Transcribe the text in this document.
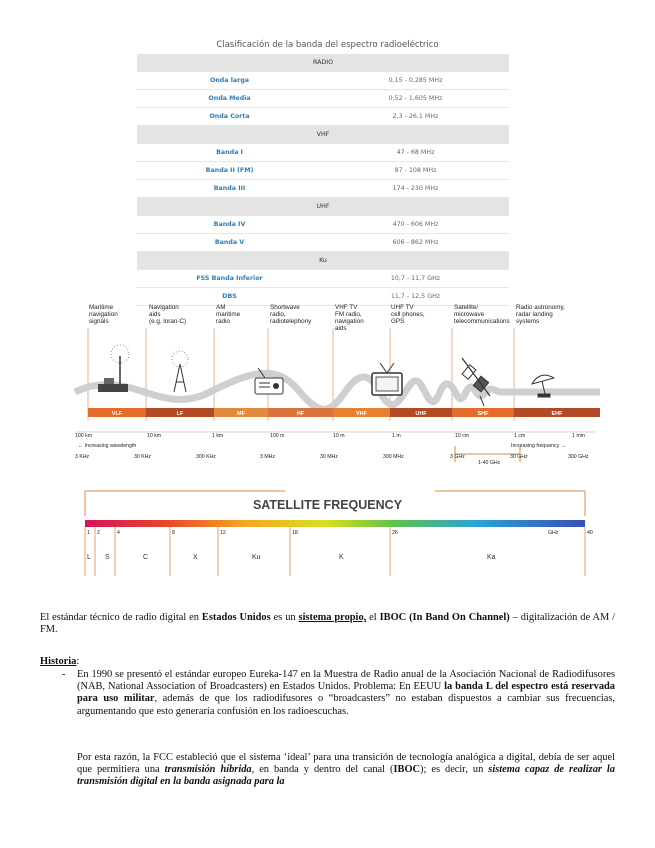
Clasificación de la banda del espectro radioeléctrico
RADIO
Onda larga	0,15 - 0,285 MHz
Onda Media	0,52 - 1,605 MHz
Onda Corta	2,3 - 26,1 MHz
VHF
Banda I	47 - 68 MHz
Banda II (FM)	87 - 108 MHz
Banda III	174 - 230 MHz
UHF
Banda IV	470 - 606 MHz
Banda V	606 - 862 MHz
Ku
FSS Banda Inferior	10,7 - 11,7 GHz
DBS	11,7 - 12,5 GHz
VLF	LF	MF	HF	VHF	UHF	SHF	EHF
Maritime
navigation
signals
Navigation
aids
(e.g. loran-C)
AM
maritime
radio
Shortwave
radio,
radiotelephony
VHF TV
FM radio,
navigation
aids
UHF TV
cell phones,
GPS
Satellite/
microwave
telecommunications
Radio astronomy,
radar landing
systems
100 km	10 km	1 km	100 m	10 m	1 m	10 cm	1 cm	1 mm
← Increasing wavelength	Increasing frequency →
3 KHz	30 KHz	300 KHz	3 MHz	30 MHz	300 MHz	3 GHz	30 GHz	300 GHz
1-40 GHz
SATELLITE FREQUENCY
1 2	4	8	12	18	26	40
GHz
L S	C	X	Ku	K	Ka
El estándar técnico de radio digital en Estados Unidos es un sistema propio, el IBOC (In Band On Channel) – digitalización de AM / FM.
Historia:
-	En 1990 se presentó el estándar europeo Eureka-147 en la Muestra de Radio anual de la Asociación Nacional de Radiodifusores (NAB, National Association of Broadcasters) en Estados Unidos. Problema: En EEUU la banda L del espectro está reservada para uso militar, además de que los radiodifusores o “broadcasters” no estaban dispuestos a cambiar sus frecuencias, argumentando que esto generaría confusión en los radioescuchas.
Por esta razón, la FCC estableció que el sistema ‘ideal’ para una transición de tecnología analógica a digital, debía de ser aquel que permitiera una transmisión híbrida, en banda y dentro del canal (IBOC); es decir, un sistema capaz de realizar la transmisión digital en la banda asignada para la
